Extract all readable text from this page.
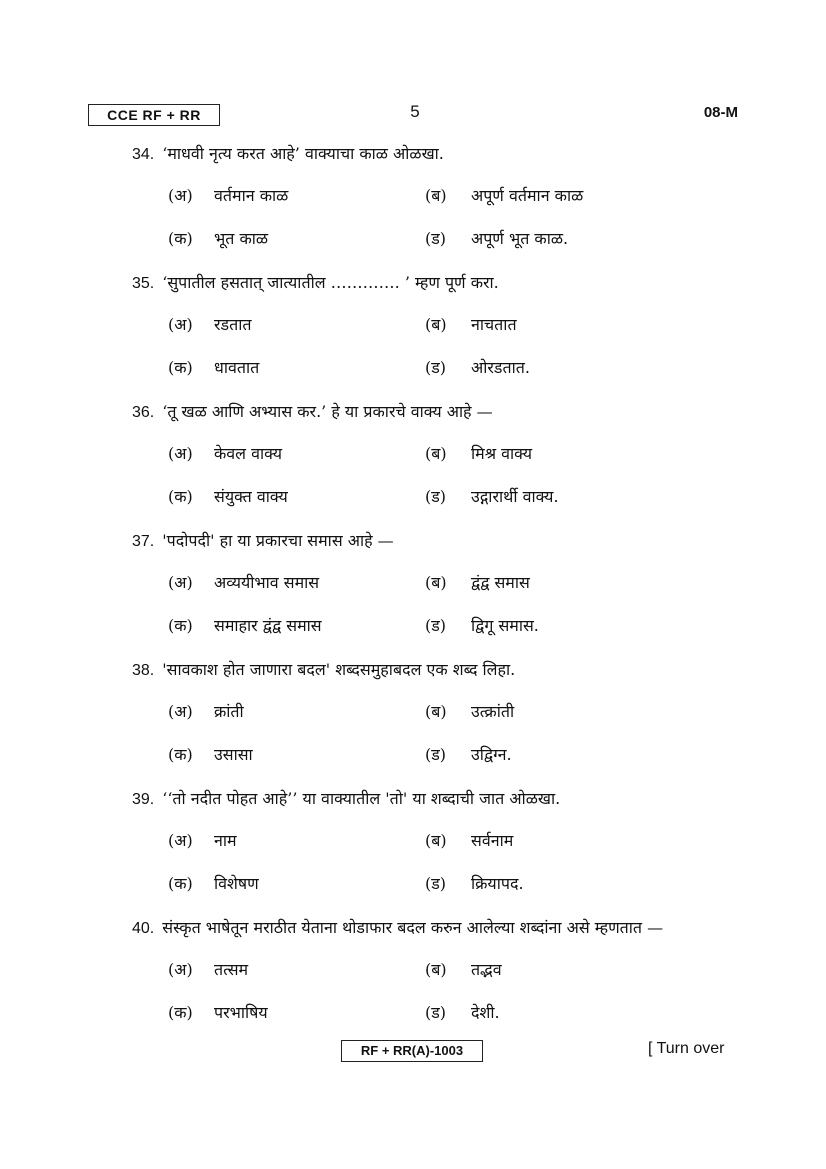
CCE RF + RR	5	08-M
34. ‘माधवी नृत्य करत आहे’ वाक्याचा काळ ओळखा.
(अ) वर्तमान काळ	(ब) अपूर्ण वर्तमान काळ
(क) भूत काळ	(ड) अपूर्ण भूत काळ.
35. ‘सुपातील हसतात् जात्यातील …………. ’ म्हण पूर्ण करा.
(अ) रडतात	(ब) नाचतात
(क) धावतात	(ड) ओरडतात.
36. ‘तू खळ आणि अभ्यास कर.’ हे या प्रकारचे वाक्य आहे —
(अ) केवल वाक्य	(ब) मिश्र वाक्य
(क) संयुक्त वाक्य	(ड) उद्गारार्थी वाक्य.
37. 'पदोपदी' हा या प्रकारचा समास आहे —
(अ) अव्ययीभाव समास	(ब) द्वंद्व समास
(क) समाहार द्वंद्व समास	(ड) द्विगू समास.
38. 'सावकाश होत जाणारा बदल' शब्दसमुहाबदल एक शब्द लिहा.
(अ) क्रांती	(ब) उत्क्रांती
(क) उसासा	(ड) उद्विग्न.
39. ‘‘तो नदीत पोहत आहे’’ या वाक्यातील 'तो' या शब्दाची जात ओळखा.
(अ) नाम	(ब) सर्वनाम
(क) विशेषण	(ड) क्रियापद.
40. संस्कृत भाषेतून मराठीत येताना थोडाफार बदल करुन आलेल्या शब्दांना असे म्हणतात —
(अ) तत्सम	(ब) तद्भव
(क) परभाषिय	(ड) देशी.
RF + RR(A)-1003	[ Turn over
